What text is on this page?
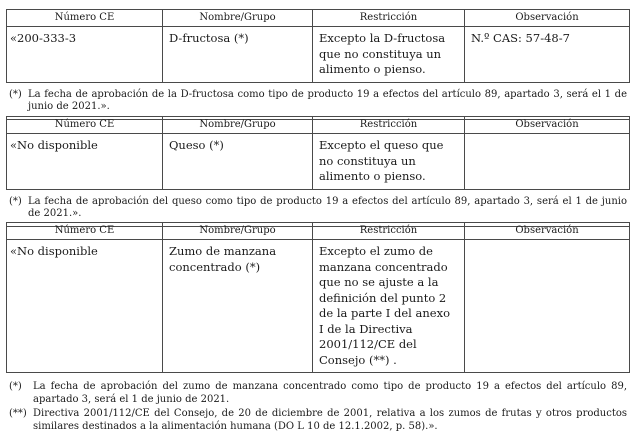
Número CE	Nombre/Grupo	Restricción	Observación
«200-333-3	D-fructosa (*)	Excepto la D-fructosa que no constituya un alimento o pienso.	N.º CAS: 57-48-7
(*) La fecha de aprobación de la D-fructosa como tipo de producto 19 a efectos del artículo 89, apartado 3, será el 1 de junio de 2021.».
Número CE	Nombre/Grupo	Restricción	Observación
«No disponible	Queso (*)	Excepto el queso que no constituya un alimento o pienso.	
(*) La fecha de aprobación del queso como tipo de producto 19 a efectos del artículo 89, apartado 3, será el 1 de junio de 2021.».
Número CE	Nombre/Grupo	Restricción	Observación
«No disponible	Zumo de manzana concentrado (*)	Excepto el zumo de manzana concentrado que no se ajuste a la definición del punto 2 de la parte I del anexo I de la Directiva 2001/112/CE del Consejo (**) .	
(*)	La fecha de aprobación del zumo de manzana concentrado como tipo de producto 19 a efectos del artículo 89, apartado 3, será el 1 de junio de 2021.
(**) Directiva 2001/112/CE del Consejo, de 20 de diciembre de 2001, relativa a los zumos de frutas y otros productos similares destinados a la alimentación humana (DO L 10 de 12.1.2002, p. 58).».
